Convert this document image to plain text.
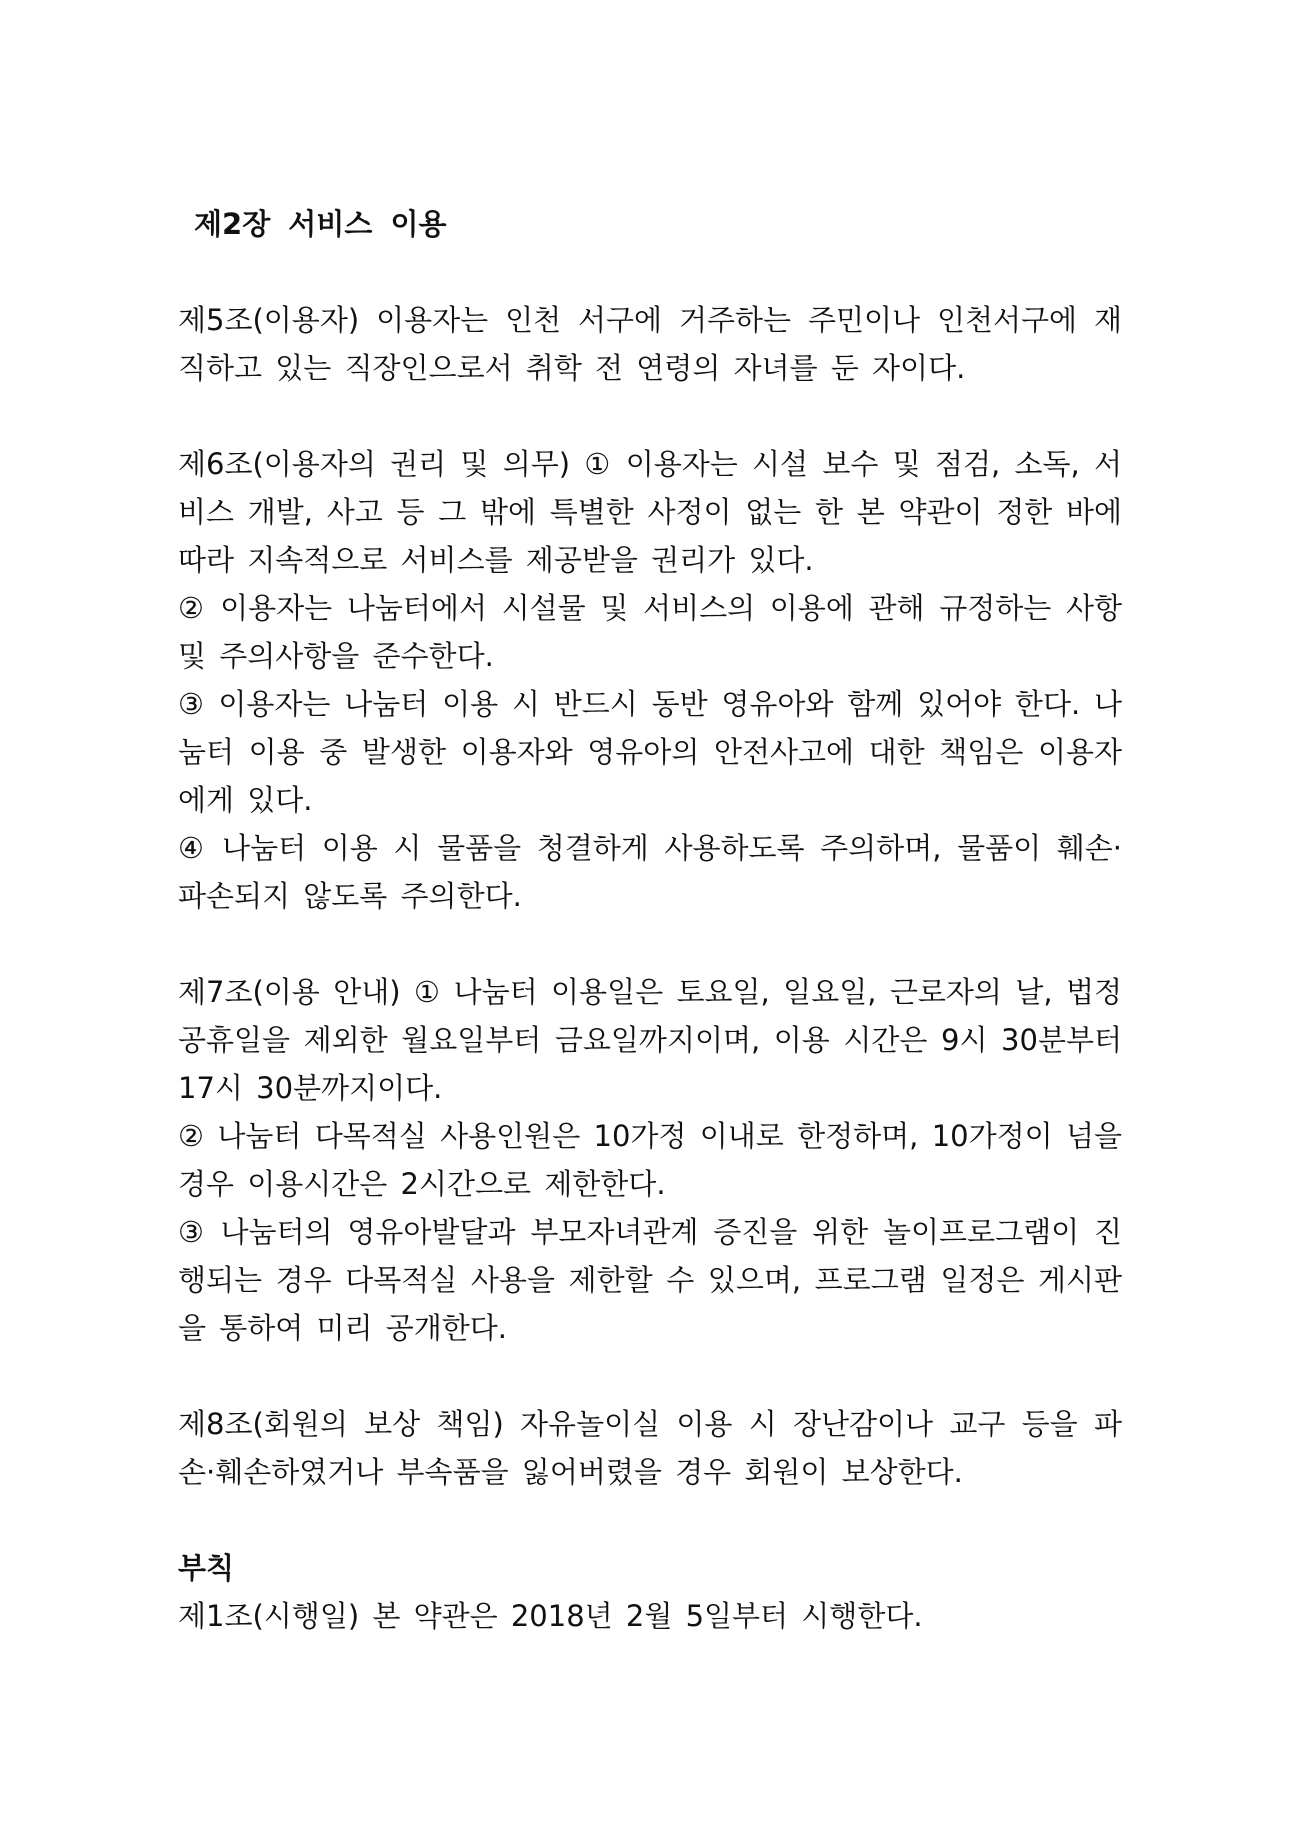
제2장 서비스 이용

제5조(이용자) 이용자는 인천 서구에 거주하는 주민이나 인천서구에 재직하고 있는 직장인으로서 취학 전 연령의 자녀를 둔 자이다.

제6조(이용자의 권리 및 의무) ① 이용자는 시설 보수 및 점검, 소독, 서비스 개발, 사고 등 그 밖에 특별한 사정이 없는 한 본 약관이 정한 바에 따라 지속적으로 서비스를 제공받을 권리가 있다.

② 이용자는 나눔터에서 시설물 및 서비스의 이용에 관해 규정하는 사항 및 주의사항을 준수한다.

③ 이용자는 나눔터 이용 시 반드시 동반 영유아와 함께 있어야 한다. 나눔터 이용 중 발생한 이용자와 영유아의 안전사고에 대한 책임은 이용자에게 있다.

④ 나눔터 이용 시 물품을 청결하게 사용하도록 주의하며, 물품이 훼손·파손되지 않도록 주의한다.

제7조(이용 안내) ① 나눔터 이용일은 토요일, 일요일, 근로자의 날, 법정공휴일을 제외한 월요일부터 금요일까지이며, 이용 시간은 9시 30분부터 17시 30분까지이다.

② 나눔터 다목적실 사용인원은 10가정 이내로 한정하며, 10가정이 넘을 경우 이용시간은 2시간으로 제한한다.

③ 나눔터의 영유아발달과 부모자녀관계 증진을 위한 놀이프로그램이 진행되는 경우 다목적실 사용을 제한할 수 있으며, 프로그램 일정은 게시판을 통하여 미리 공개한다.

제8조(회원의 보상 책임) 자유놀이실 이용 시 장난감이나 교구 등을 파손·훼손하였거나 부속품을 잃어버렸을 경우 회원이 보상한다.

부칙

제1조(시행일) 본 약관은 2018년 2월 5일부터 시행한다.
